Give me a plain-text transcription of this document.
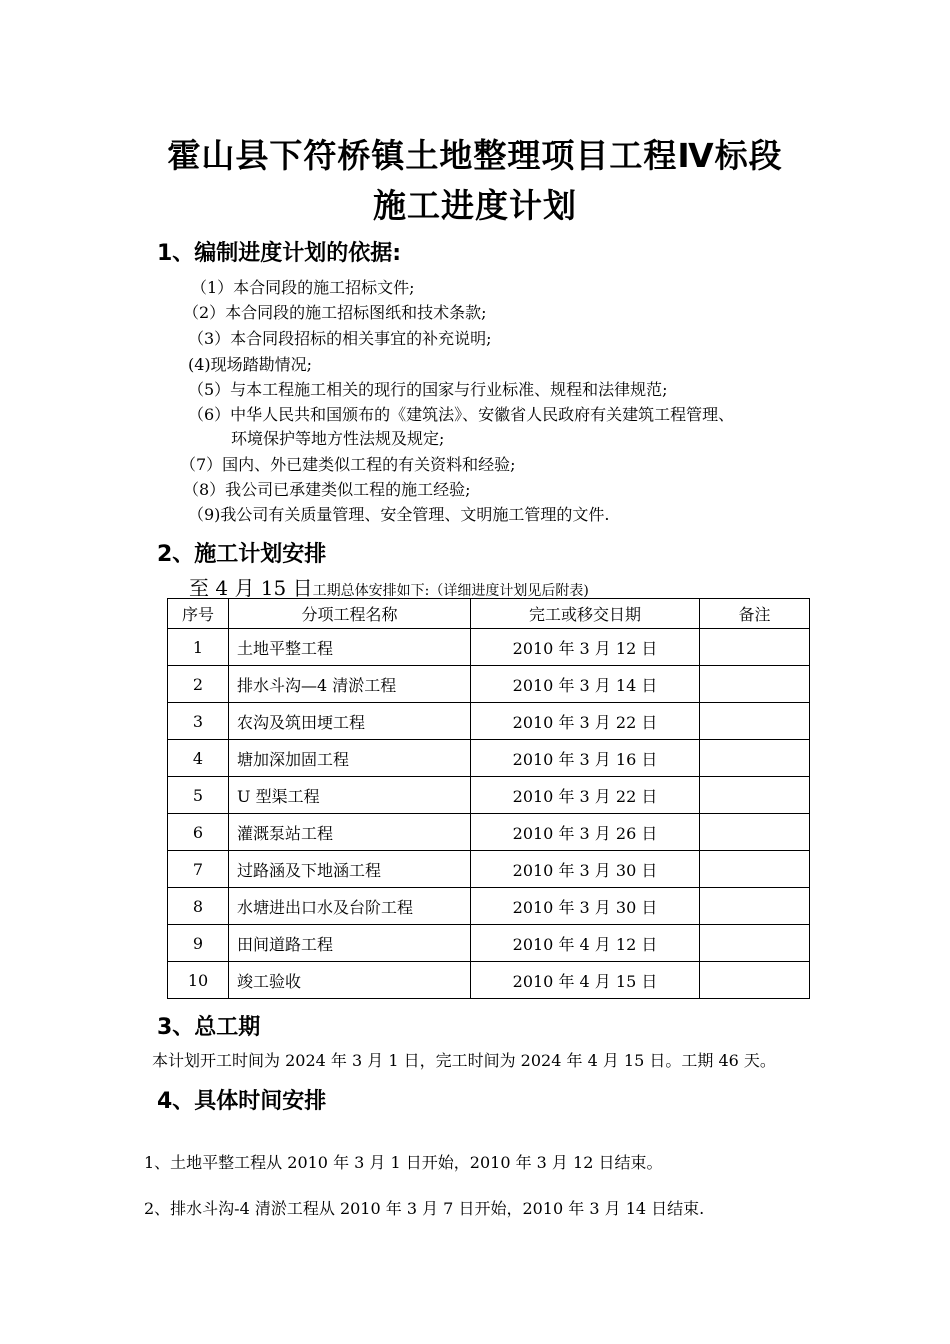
霍山县下符桥镇土地整理项目工程Ⅳ标段
施工进度计划
1、编制进度计划的依据:
（1）本合同段的施工招标文件;
（2）本合同段的施工招标图纸和技术条款;
（3）本合同段招标的相关事宜的补充说明;
(4)现场踏勘情况;
（5）与本工程施工相关的现行的国家与行业标准、规程和法律规范;
（6）中华人民共和国颁布的《建筑法》、安徽省人民政府有关建筑工程管理、
环境保护等地方性法规及规定;
（7）国内、外已建类似工程的有关资料和经验;
（8）我公司已承建类似工程的施工经验;
（9)我公司有关质量管理、安全管理、文明施工管理的文件.
2、施工计划安排
至 4 月 15 日工期总体安排如下:（详细进度计划见后附表)
序号	分项工程名称	完工或移交日期	备注
1	土地平整工程	2010 年 3 月 12 日	
2	排水斗沟—4 清淤工程	2010 年 3 月 14 日	
3	农沟及筑田埂工程	2010 年 3 月 22 日	
4	塘加深加固工程	2010 年 3 月 16 日	
5	U 型渠工程	2010 年 3 月 22 日	
6	灌溉泵站工程	2010 年 3 月 26 日	
7	过路涵及下地涵工程	2010 年 3 月 30 日	
8	水塘进出口水及台阶工程	2010 年 3 月 30 日	
9	田间道路工程	2010 年 4 月 12 日	
10	竣工验收	2010 年 4 月 15 日	
3、总工期
本计划开工时间为 2024 年 3 月 1 日，完工时间为 2024 年 4 月 15 日。工期 46 天。
4、具体时间安排
1、土地平整工程从 2010 年 3 月 1 日开始，2010 年 3 月 12 日结束。
2、排水斗沟-4 清淤工程从 2010 年 3 月 7 日开始，2010 年 3 月 14 日结束.
